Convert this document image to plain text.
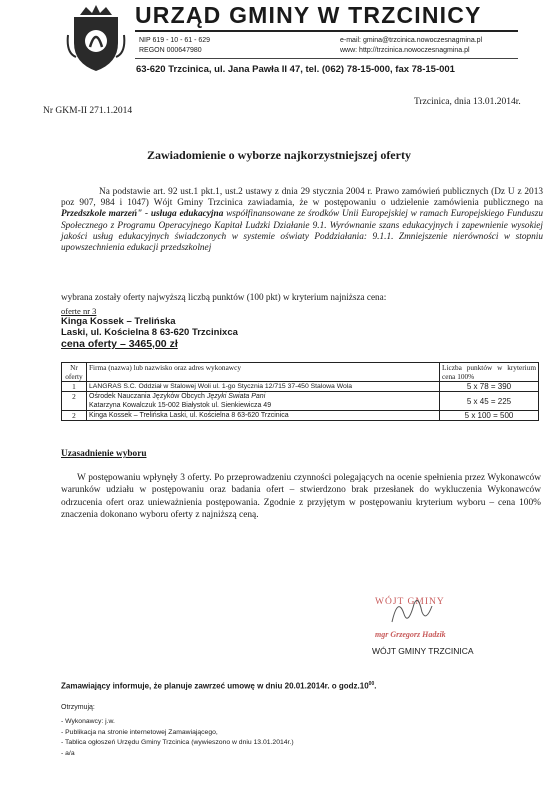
URZĄD GMINY W TRZCINICY
NIP 619 - 10 - 61 - 629
REGON 000647980
e-mail: gmina@trzcinica.nowoczesnagmina.pl
www: http://trzcinica.nowoczesnagmina.pl
63-620 Trzcinica, ul. Jana Pawła II 47, tel. (062) 78-15-000, fax 78-15-001
Trzcinica, dnia 13.01.2014r.
Nr GKM-II 271.1.2014
Zawiadomienie o wyborze najkorzystniejszej oferty
Na podstawie art. 92 ust.1 pkt.1, ust.2 ustawy z dnia 29 stycznia 2004 r. Prawo zamówień publicznych (Dz U z 2013 poz 907, 984 i 1047) Wójt Gminy Trzcinica zawiadamia, że w postępowaniu o udzielenie zamówienia publicznego na Przedszkole marzeń" - usługa edukacyjna współfinansowane ze środków Unii Europejskiej w ramach Europejskiego Funduszu Społecznego z Programu Operacyjnego Kapitał Ludzki Działanie 9.1. Wyrównanie szans edukacyjnych i zapewnienie wysokiej jakości usług edukacyjnych świadczonych w systemie oświaty Poddziałania: 9.1.1. Zmniejszenie nierówności w stopniu upowszechnienia edukacji przedszkolnej
wybrana zostały oferty najwyższą liczbą punktów (100 pkt) w kryterium najniższa cena:
oferte nr 3
Kinga Kossek – Trelińska
Laski, ul. Kościelna 8 63-620 Trzcinixca
cena oferty – 3465,00 zł
Nr oferty	Firma (nazwa) lub nazwisko oraz adres wykonawcy	Liczba punktów w kryterium cena 100%
1	LANGRAS S.C. Oddział w Stalowej Woli ul. 1-go Stycznia 12/715 37-450 Stalowa Wola	5 x 78 = 390
2	Ośrodek Nauczania Języków Obcych Języki Świata Pani
Katarzyna Kowalczuk 15-002 Białystok ul. Sienkiewicza 49	5 x 45 = 225
2	Kinga Kossek – Trelińska Laski, ul. Kościelna 8 63-620 Trzcinica	5 x 100 = 500
Uzasadnienie wyboru
W postępowaniu wpłynęły 3 oferty. Po przeprowadzeniu czynności polegających na ocenie spełnienia przez Wykonawców warunków udziału w postępowaniu oraz badania ofert – stwierdzono brak przesłanek do wykluczenia Wykonawców odrzucenia ofert oraz unieważnienia postępowania. Zgodnie z przyjętym w postępowaniu kryterium wyboru – cena 100% znaczenia dokonano wyboru oferty z najniższą ceną.
WÓJT GMINY
mgr Grzegorz Hadzik
WÓJT GMINY TRZCINICA
Zamawiający informuje, że planuje zawrzeć umowę w dniu 20.01.2014r. o $godz.10^{00}$.
Otrzymują:
- Wykonawcy: j.w.
- Publikacja na stronie internetowej Zamawiającego,
- Tablica ogłoszeń Urzędu Gminy Trzcinica (wywieszono w dniu 13.01.2014r.)
- a/a
